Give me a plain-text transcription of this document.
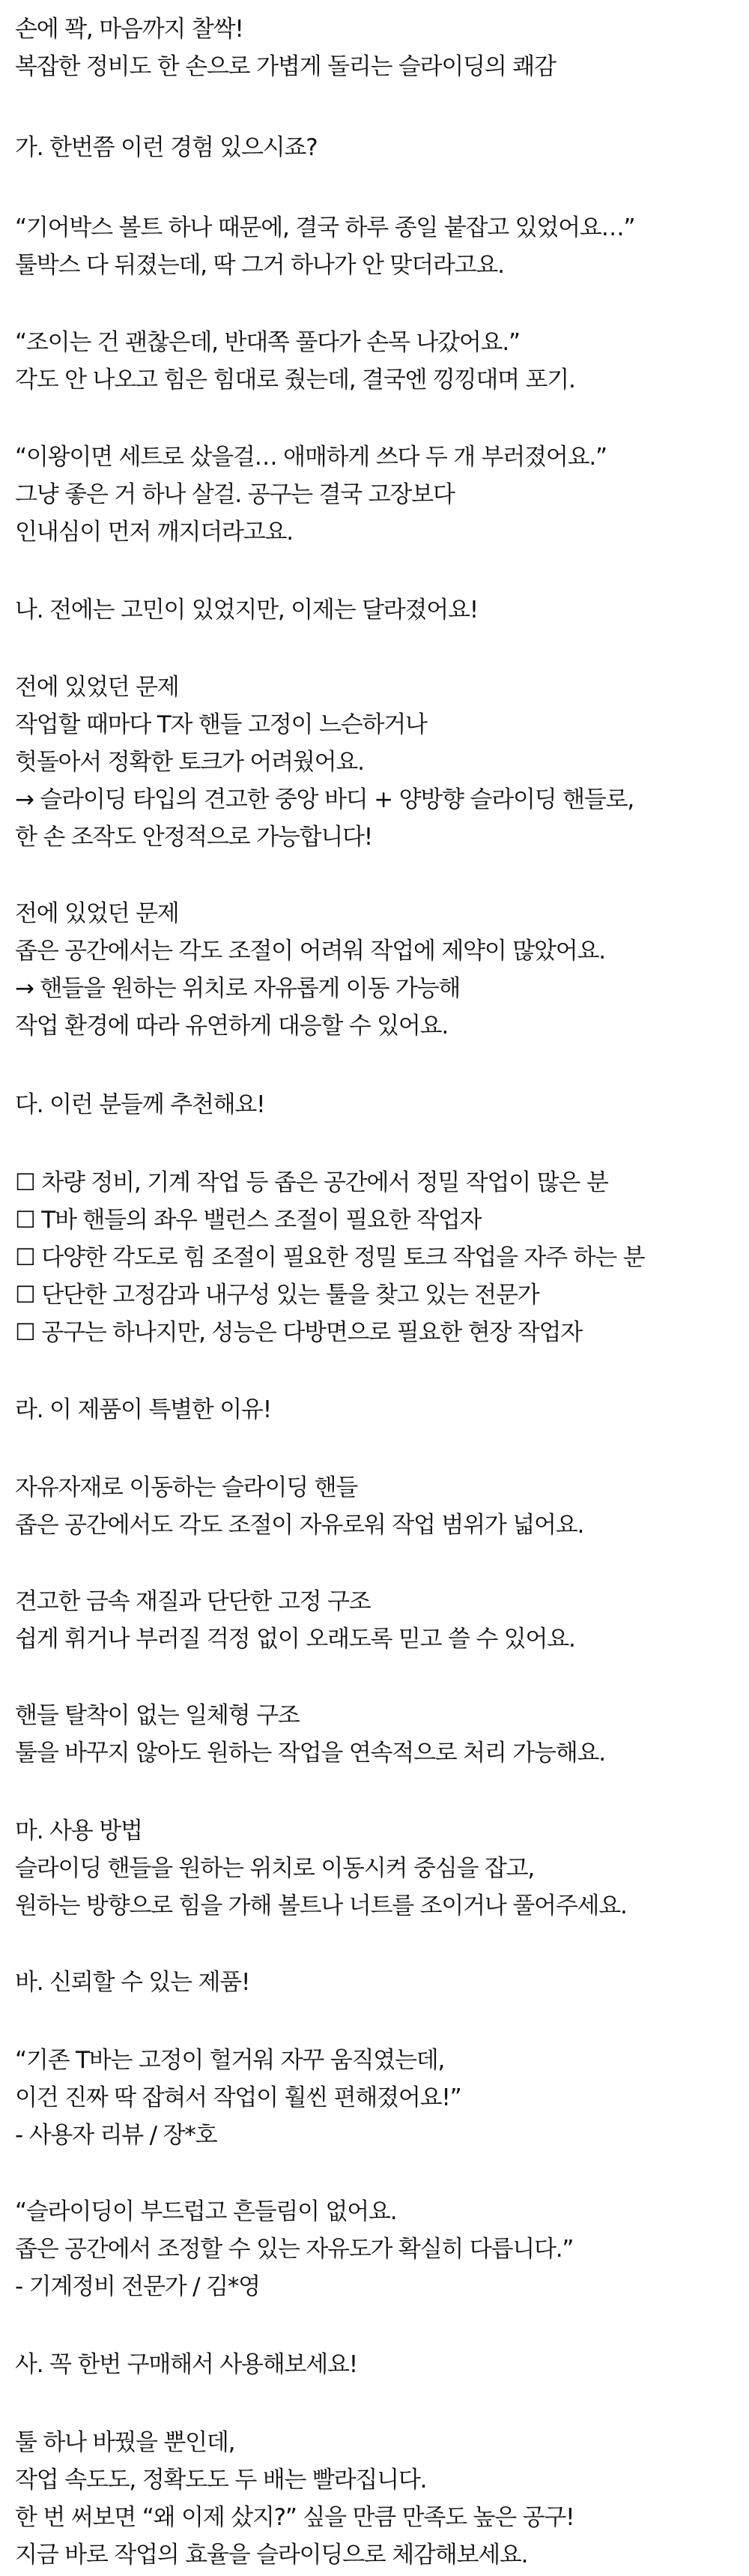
손에 꽉, 마음까지 찰싹!

복잡한 정비도 한 손으로 가볍게 돌리는 슬라이딩의 쾌감

가. 한번쯤 이런 경험 있으시죠?

“기어박스 볼트 하나 때문에, 결국 하루 종일 붙잡고 있었어요…”

툴박스 다 뒤졌는데, 딱 그거 하나가 안 맞더라고요.

“조이는 건 괜찮은데, 반대쪽 풀다가 손목 나갔어요.”

각도 안 나오고 힘은 힘대로 줬는데, 결국엔 낑낑대며 포기.

“이왕이면 세트로 샀을걸… 애매하게 쓰다 두 개 부러졌어요.”

그냥 좋은 거 하나 살걸. 공구는 결국 고장보다

인내심이 먼저 깨지더라고요.

나. 전에는 고민이 있었지만, 이제는 달라졌어요!

전에 있었던 문제

작업할 때마다 T자 핸들 고정이 느슨하거나

헛돌아서 정확한 토크가 어려웠어요.

→ 슬라이딩 타입의 견고한 중앙 바디 + 양방향 슬라이딩 핸들로,

한 손 조작도 안정적으로 가능합니다!

전에 있었던 문제

좁은 공간에서는 각도 조절이 어려워 작업에 제약이 많았어요.

→ 핸들을 원하는 위치로 자유롭게 이동 가능해

작업 환경에 따라 유연하게 대응할 수 있어요.

다. 이런 분들께 추천해요!

☐ 차량 정비, 기계 작업 등 좁은 공간에서 정밀 작업이 많은 분

☐ T바 핸들의 좌우 밸런스 조절이 필요한 작업자

☐ 다양한 각도로 힘 조절이 필요한 정밀 토크 작업을 자주 하는 분

☐ 단단한 고정감과 내구성 있는 툴을 찾고 있는 전문가

☐ 공구는 하나지만, 성능은 다방면으로 필요한 현장 작업자

라. 이 제품이 특별한 이유!

자유자재로 이동하는 슬라이딩 핸들

좁은 공간에서도 각도 조절이 자유로워 작업 범위가 넓어요.

견고한 금속 재질과 단단한 고정 구조

쉽게 휘거나 부러질 걱정 없이 오래도록 믿고 쓸 수 있어요.

핸들 탈착이 없는 일체형 구조

툴을 바꾸지 않아도 원하는 작업을 연속적으로 처리 가능해요.

마. 사용 방법

슬라이딩 핸들을 원하는 위치로 이동시켜 중심을 잡고,

원하는 방향으로 힘을 가해 볼트나 너트를 조이거나 풀어주세요.

바. 신뢰할 수 있는 제품!

“기존 T바는 고정이 헐거워 자꾸 움직였는데,

이건 진짜 딱 잡혀서 작업이 훨씬 편해졌어요!”

- 사용자 리뷰 / 장*호

“슬라이딩이 부드럽고 흔들림이 없어요.

좁은 공간에서 조정할 수 있는 자유도가 확실히 다릅니다.”

- 기계정비 전문가 / 김*영

사. 꼭 한번 구매해서 사용해보세요!

툴 하나 바꿨을 뿐인데,

작업 속도도, 정확도도 두 배는 빨라집니다.

한 번 써보면 “왜 이제 샀지?” 싶을 만큼 만족도 높은 공구!

지금 바로 작업의 효율을 슬라이딩으로 체감해보세요.
